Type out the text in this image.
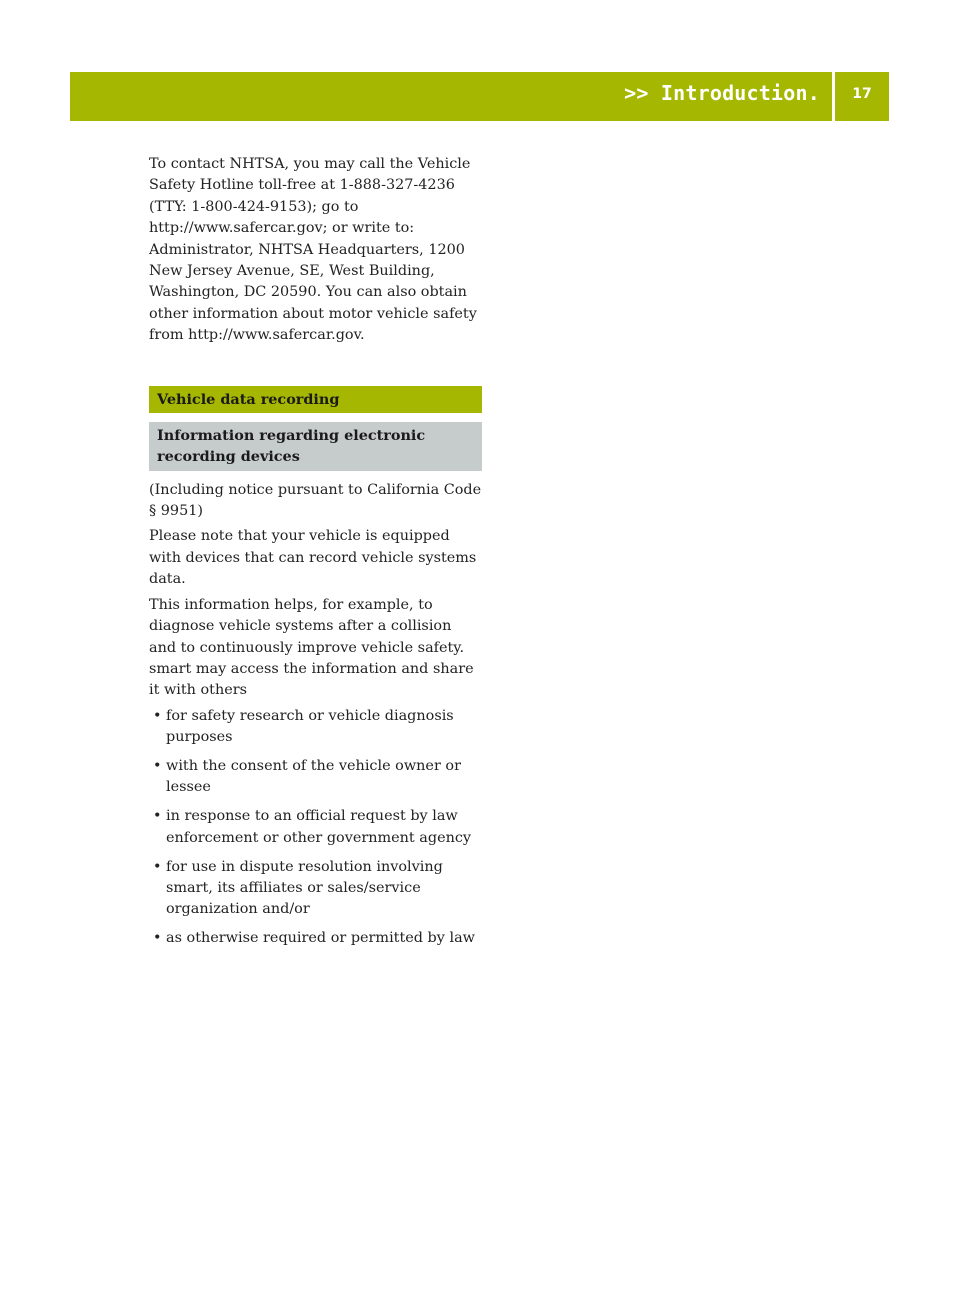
>> Introduction.	17

To contact NHTSA, you may call the Vehicle Safety Hotline toll-free at 1-888-327-4236 (TTY: 1-800-424-9153); go to http://www.safercar.gov; or write to: Administrator, NHTSA Headquarters, 1200 New Jersey Avenue, SE, West Building, Washington, DC 20590. You can also obtain other information about motor vehicle safety from http://www.safercar.gov.

Vehicle data recording
Information regarding electronic recording devices

(Including notice pursuant to California Code § 9951)

Please note that your vehicle is equipped with devices that can record vehicle systems data.

This information helps, for example, to diagnose vehicle systems after a collision and to continuously improve vehicle safety.

smart may access the information and share it with others

• for safety research or vehicle diagnosis purposes
• with the consent of the vehicle owner or lessee
• in response to an official request by law enforcement or other government agency
• for use in dispute resolution involving smart, its affiliates or sales/service organization and/or
• as otherwise required or permitted by law
